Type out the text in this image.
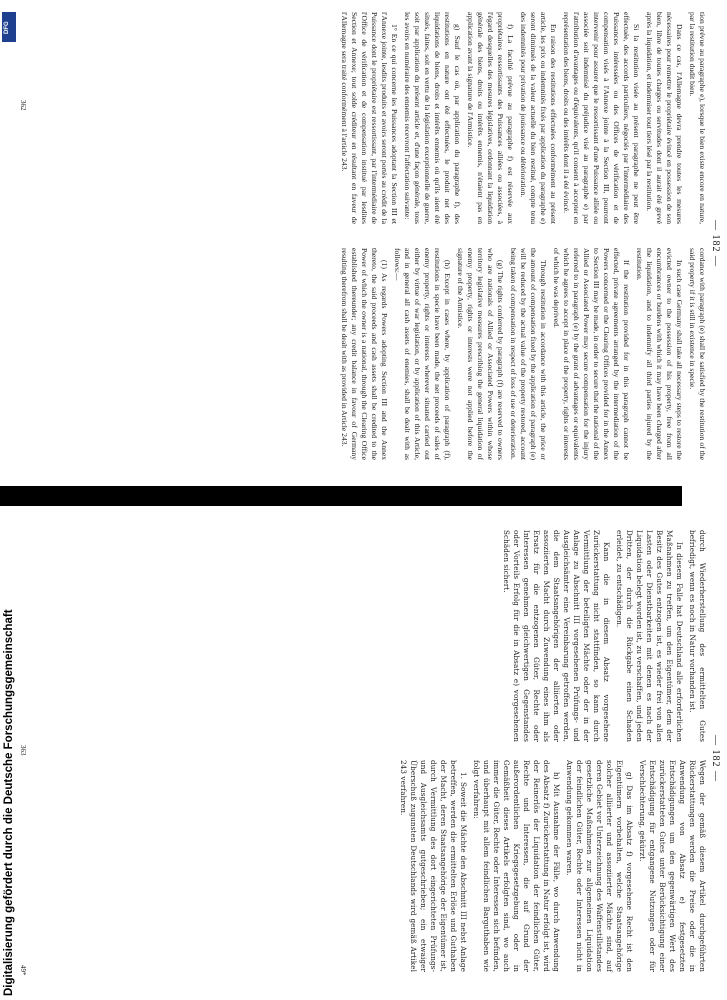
DFG
Digitalisierung gefördert durch die Deutsche Forschungsgemeinschaft
— 182 —

tion prévue au paragraphe e), lorsque le bien existe encore en nature, par la restitution dudit bien.

Dans ce cas, l'Allemagne devra prendre toutes les mesures nécessaires pour remettre le propriétaire évincé en possession de son bien, libre de toutes charges ou servitudes dont il aurait été grevé après la liquidation, et indemniser tout tiers lésé par la restitution.

Si la restitution visée au présent paragraphe ne peut être effectuée, des accords particuliers, négociés par l'intermédiaire des Puissances intéressées ou des Offices de vérification et de compensation visés à l'Annexe jointe à la Section III, pourront intervenir pour assurer que le ressortissant d'une Puissance alliée ou associée soit indemnisé du préjudice visé au paragraphe e) par l'attribution d'avantages ou d'équivalents, qu'il consent à accepter en représentation des biens, droits ou des intérêts dont il a été évincé.

En raison des restitutions effectuées conformément au présent article, les prix ou indemnités fixés par application du paragraphe e) seront diminués de la valeur actuelle du bien restitué, compte tenu des indemnités pour privation de jouissance ou détérioration.

f) La faculté prévue au paragraphe f) est réservée aux propriétaires ressortissants des Puissances alliées ou associées, à l'égard desquelles des mesures législatives, ordonnant la liquidation générale des biens, droits ou intérêts ennemis, n'étaient pas en application avant la signature de l'Armistice.

g) Sauf le cas où, par application du paragraphe f), des restitutions en nature ont été effectuées, le produit net des liquidations de biens, droits et intérêts ennemis où qu'ils aient été situés, faites, soit en vertu de la législation exceptionnelle de guerre, soit par application du présent article et, d'une façon générale, tous les avoirs en numéraire des ennemis recevront l'affectation suivante:

1° En ce qui concerne les Puissances adoptant la Section III et l'Annexe jointe, lesdits produits et avoirs seront portés au crédit de la Puissance dont le propriétaire est ressortissant, par l'intermédiaire de l'Office de vérification et de compensation institué par lesdites Section et Annexe; tout solde créditeur en résultant en faveur de l'Allemagne sera traité conformément à l'article 243.

cordance with paragraph (e) shall be satisfied by the restitution of the said property if it is still in existence in specie.

In such case Germany shall take all necessary steps to restore the evicted owner to the possession of his property, free from all encumbrances or burdens with which it may have been charged after the liquidation, and to indemnify all third parties injured by the restitution.

If the restitution provided for in this paragraph cannot be effected, private agreements arranged by the intermediation of the Powers concerned or the Clearing Offices provided for in the Annex to Section III may be made, in order to secure that the national of the Allied or Associated Power may secure compensation for the injury referred to in paragraph (e) by the grant of advantages or equivalents which he agrees to accept in place of the property, rights or interests of which he was deprived.

Through restitution in accordance with this article, the price or the amount of compensation fixed by the application of paragraph (e) will be reduced by the actual value of the property restored, account being taken of compensation in respect of loss of use or deterioration.

(g) The rights conferred by paragraph (f) are reserved to owners who are nationals of Allied or Associated Powers within whose territory legislative measures prescribing the general liquidation of enemy property, rights or interests were not applied before the signature of the Armistice.

(h) Except in cases where, by application of paragraph (f), restitutions in specie have been made, the net proceeds of sales of enemy property, rights or interests wherever situated carried out either by virtue of war legislation, or by application of this Article, and in general all cash assets of enemies, shall be dealt with as follows:—

(1) As regards Powers adopting Section III and the Annex thereto, the said proceeds and cash assets shall be credited to the Power of which the owner is a national, through the Clearing Office established thereunder; any credit balance in favour of Germany resulting therefrom shall be dealt with as provided in Article 243.

362
— 182 —

durch Wiederherstellung des ermittelten Gutes befriedigt, wenn es noch in Natur vorhanden ist.

In diesem Falle hat Deutschland alle erforderlichen Maßnahmen zu treffen, um den Eigentümer, dem der Besitz des Gutes entzogen ist, es wieder frei von allen Lasten oder Dienstbarkeiten mit denen es nach der Liquidation belegt worden ist, zu verschaffen, und jeden Dritten, der durch die Rückgabe einen Schaden erleidet, zu entschädigen.

Kann die in diesem Absatz vorgesehene Zurückerstattung nicht stattfinden, so kann durch Vermittlung der beteiligten Mächte oder der in der Anlage zu Abschnitt III vorgesehenen Prüfungs- und Ausgleichsämter eine Vereinbarung getroffen werden, die dem Staatsangehörigen der alliierten oder assoziierten Macht durch Zuwendung eines ihm als Ersatz für die entzogenen Güter, Rechte oder Interessen genehmen gleichwertigen Gegenstandes oder Vorteils Erfolg für die in Absatz e) vorgesehenen Schäden sichert.

Wegen der gemäß diesem Artikel durchgeführten Rückerstattungen werden die Preise oder die in Anwendung von Absatz e) festgesetzten Entschädigungen um den gegenwärtigen Wert des zurückerstatteten Gutes unter Berücksichtigung einer Entschädigung für entgangene Nutzungen oder für Verschlechterung, gekürzt.

g) Das im Absatz f) vorgesehene Recht ist den Eigentümern vorbehalten, welche Staatsangehörige solcher alliierter und assoziierter Mächte sind, auf deren Gebiet vor Unterzeichnung des Waffenstillstandes gesetzliche Maßnahmen zur allgemeinen Liquidation der feindlichen Güter, Rechte oder Interessen nicht in Anwendung gekommen waren.

h) Mit Ausnahme der Fälle, wo durch Anwendung des Absatz f) Zurückerstattung in Natur erfolgt ist, wird der Reinerlös der Liquidation der feindlichen Güter, Rechte und Interessen, die auf Grund der außerordentlichen Kriegsgesetzgebung oder in Gemäßheit dieses Artikels erfolgten sind, wo auch immer die Güter, Rechte oder Interessen sich befinden, und überhaupt mit allem feindlichen Barguthaben wie folgt verfahren:

1. Soweit die Mächte den Abschnitt III nebst Anlage betreffen, werden die ermittelten Erlöse und Guthaben der Macht, deren Staatsangehörige der Eigentümer ist, durch Vermittlung des dort eingerichteten Prüfungs- und Ausgleichsamts gutgeschrieben; ein etwaiger Überschuß zugunsten Deutschlands wird gemäß Artikel 243 verfahren.

363
49*
